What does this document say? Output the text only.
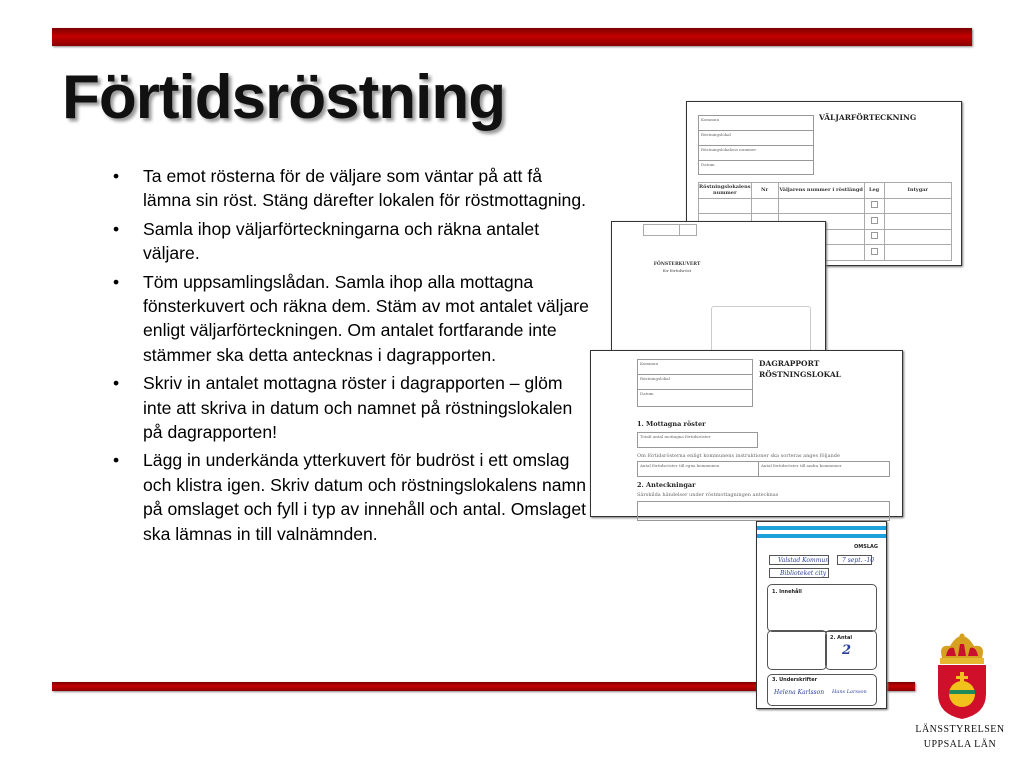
Förtidsröstning
• Ta emot rösterna för de väljare som väntar på att få lämna sin röst. Stäng därefter lokalen för röstmottagning.
• Samla ihop väljarförteckningarna och räkna antalet väljare.
• Töm uppsamlingslådan. Samla ihop alla mottagna fönsterkuvert och räkna dem. Stäm av mot antalet väljare enligt väljarförteckningen. Om antalet fortfarande inte stämmer ska detta antecknas i dagrapporten.
• Skriv in antalet mottagna röster i dagrapporten – glöm inte att skriva in datum och namnet på röstningslokalen på dagrapporten!
• Lägg in underkända ytterkuvert för budröst i ett omslag och klistra igen. Skriv datum och röstningslokalens namn på omslaget och fyll i typ av innehåll och antal. Omslaget ska lämnas in till valnämnden.
Kommun
Röstningslokal
Röstningslokalens nummer
Datum
VÄLJARFÖRTECKNING
Röstningslokalens nummer	Nr	Väljarens nummer i röstlängd	Leg	Intygar

FÖNSTERKUVERT
för förtidsröst
Kommun
Röstningslokal
Datum
DAGRAPPORT
RÖSTNINGSLOKAL
1. Mottagna röster
Totalt antal mottagna förtidsröster
Om förtidsrösterna enligt kommunens instruktioner ska sorteras anges följande
Antal förtidsröster till egna kommunen	Antal förtidsröster till andra kommuner
2. Anteckningar
Särskilda händelser under röstmottagningen antecknas
OMSLAG
Valstad Kommun 7 sept. -10
Biblioteket city
1. Innehåll
2. Antal
2
3. Underskrifter
Helena Karlsson Hans Larsson
LÄNSSTYRELSEN
UPPSALA LÄN
